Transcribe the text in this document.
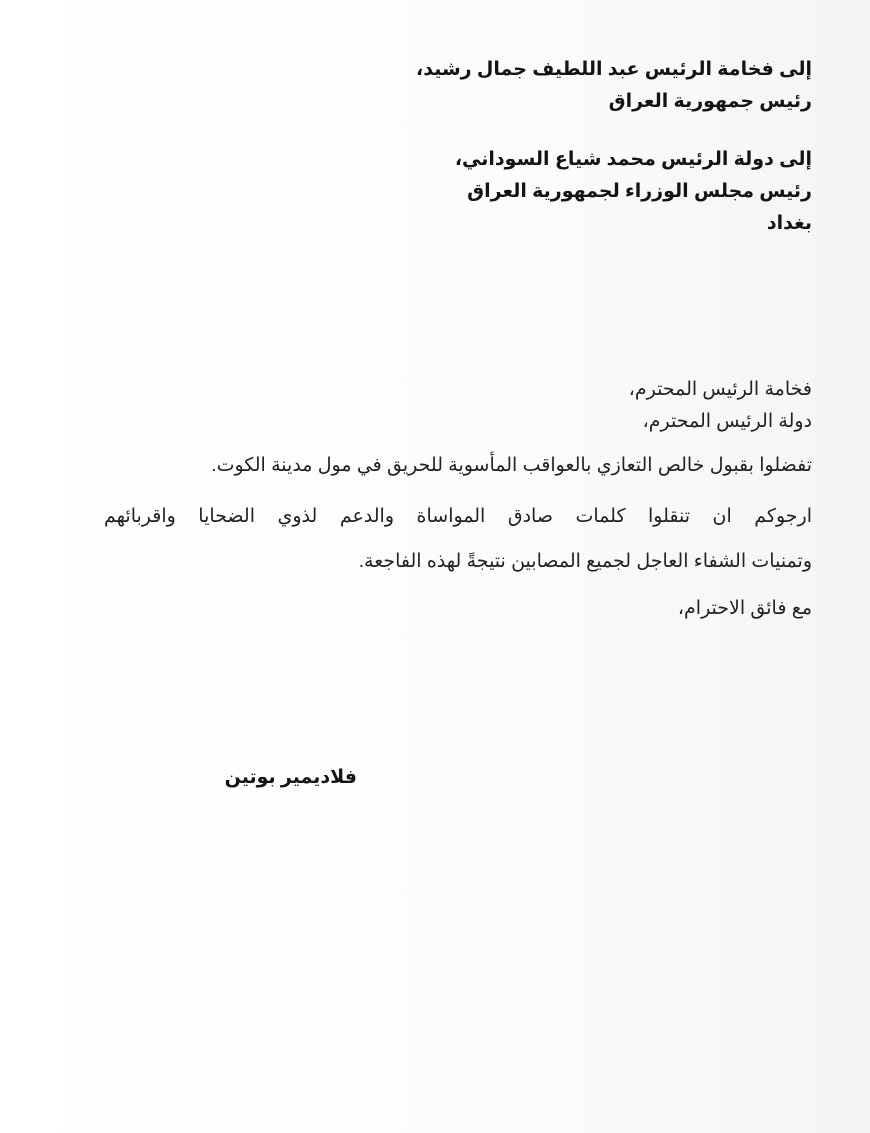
إلى فخامة الرئيس عبد اللطيف جمال رشيد،

رئيس جمهورية العراق

إلى دولة الرئيس محمد شياع السوداني،

رئيس مجلس الوزراء لجمهورية العراق

بغداد

فخامة الرئيس المحترم،

دولة الرئيس المحترم،

تفضلوا بقبول خالص التعازي بالعواقب المأسوية للحريق في مول مدينة الكوت.

ارجوكم ان تنقلوا كلمات صادق المواساة والدعم لذوي الضحايا واقربائهم

وتمنيات الشفاء العاجل لجميع المصابين نتيجةً لهذه الفاجعة.

مع فائق الاحترام،

فلاديمير بوتين
